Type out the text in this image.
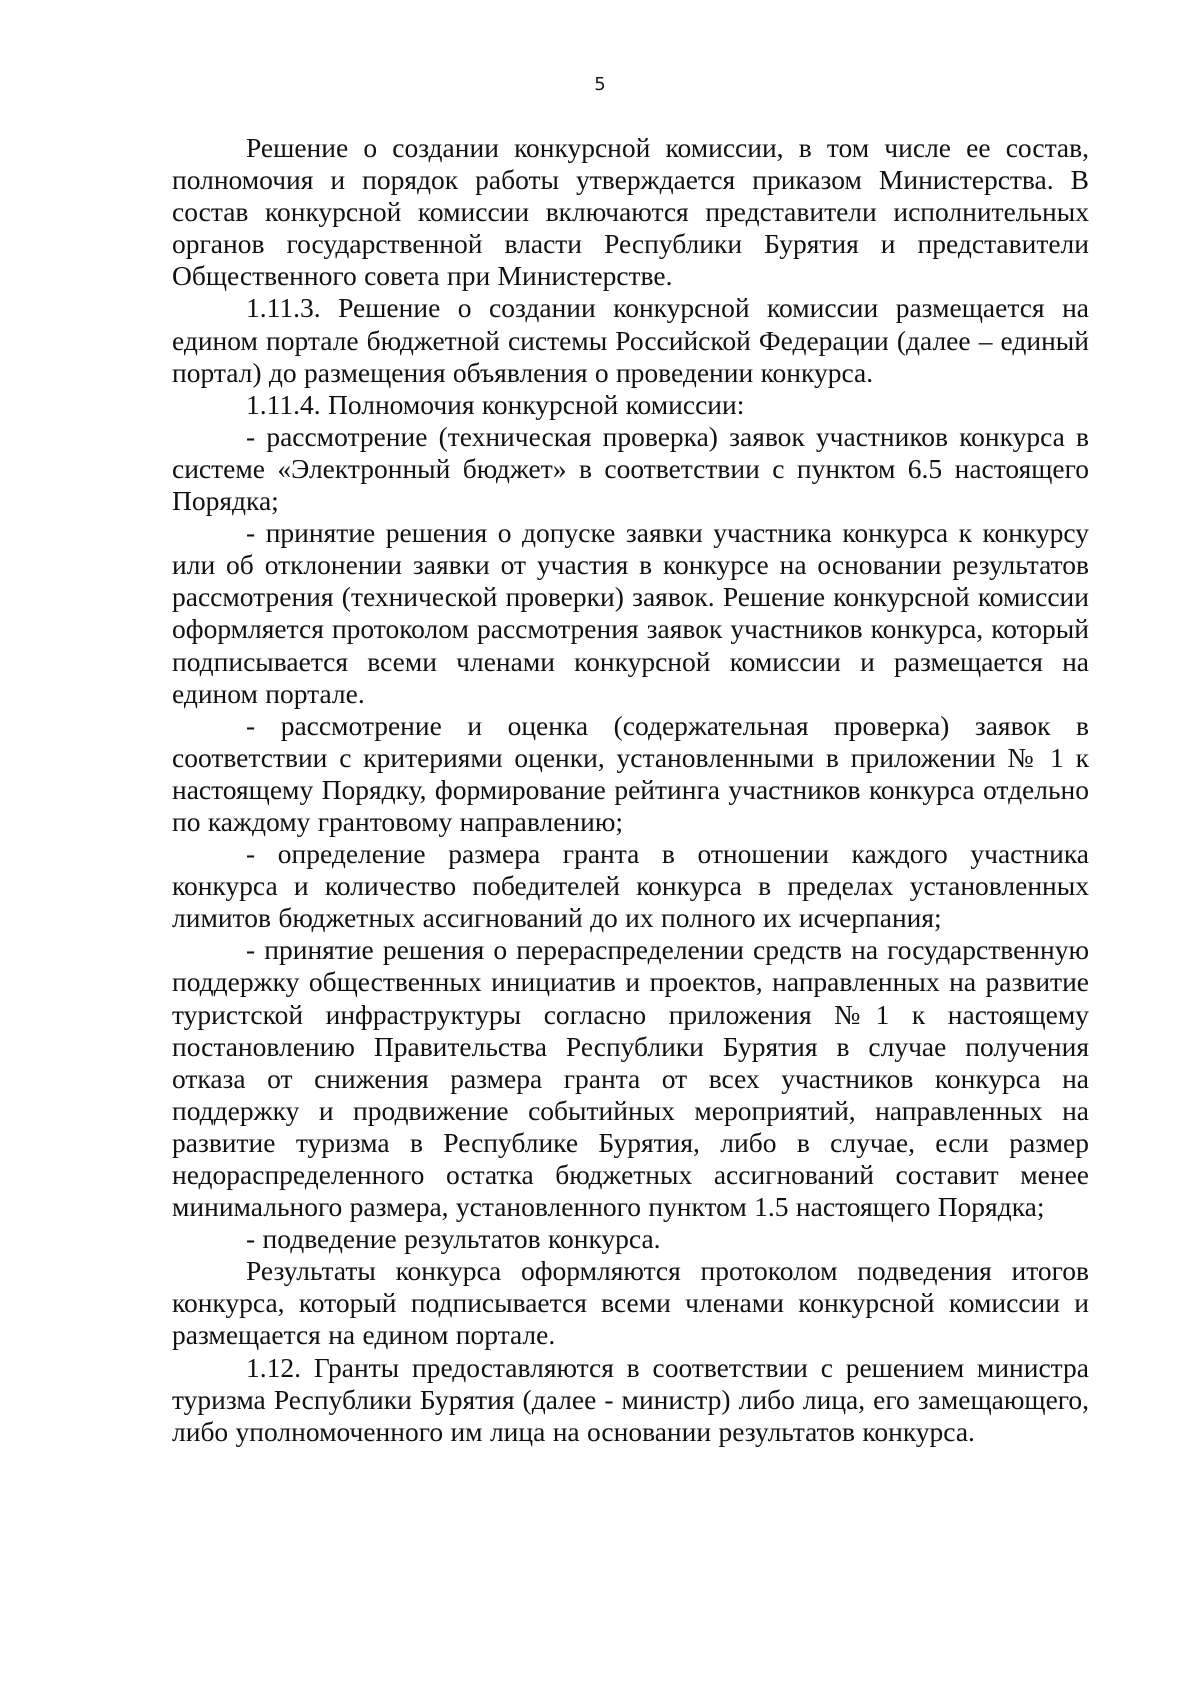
5

Решение о создании конкурсной комиссии, в том числе ее состав, полномочия и порядок работы утверждается приказом Министерства. В состав конкурсной комиссии включаются представители исполнительных органов государственной власти Республики Бурятия и представители Общественного совета при Министерстве.

1.11.3. Решение о создании конкурсной комиссии размещается на едином портале бюджетной системы Российской Федерации (далее – единый портал) до размещения объявления о проведении конкурса.

1.11.4. Полномочия конкурсной комиссии:

- рассмотрение (техническая проверка) заявок участников конкурса в системе «Электронный бюджет» в соответствии с пунктом 6.5 настоящего Порядка;

- принятие решения о допуске заявки участника конкурса к конкурсу или об отклонении заявки от участия в конкурсе на основании результатов рассмотрения (технической проверки) заявок. Решение конкурсной комиссии оформляется протоколом рассмотрения заявок участников конкурса, который подписывается всеми членами конкурсной комиссии и размещается на едином портале.

- рассмотрение и оценка (содержательная проверка) заявок в соответствии с критериями оценки, установленными в приложении № 1 к настоящему Порядку, формирование рейтинга участников конкурса отдельно по каждому грантовому направлению;

- определение размера гранта в отношении каждого участника конкурса и количество победителей конкурса в пределах установленных лимитов бюджетных ассигнований до их полного их исчерпания;

- принятие решения о перераспределении средств на государственную поддержку общественных инициатив и проектов, направленных на развитие туристской инфраструктуры согласно приложения №1 к настоящему постановлению Правительства Республики Бурятия в случае получения отказа от снижения размера гранта от всех участников конкурса на поддержку и продвижение событийных мероприятий, направленных на развитие туризма в Республике Бурятия, либо в случае, если размер недораспределенного остатка бюджетных ассигнований составит менее минимального размера, установленного пунктом 1.5 настоящего Порядка;

- подведение результатов конкурса.

Результаты конкурса оформляются протоколом подведения итогов конкурса, который подписывается всеми членами конкурсной комиссии и размещается на едином портале.

1.12. Гранты предоставляются в соответствии с решением министра туризма Республики Бурятия (далее - министр) либо лица, его замещающего, либо уполномоченного им лица на основании результатов конкурса.
